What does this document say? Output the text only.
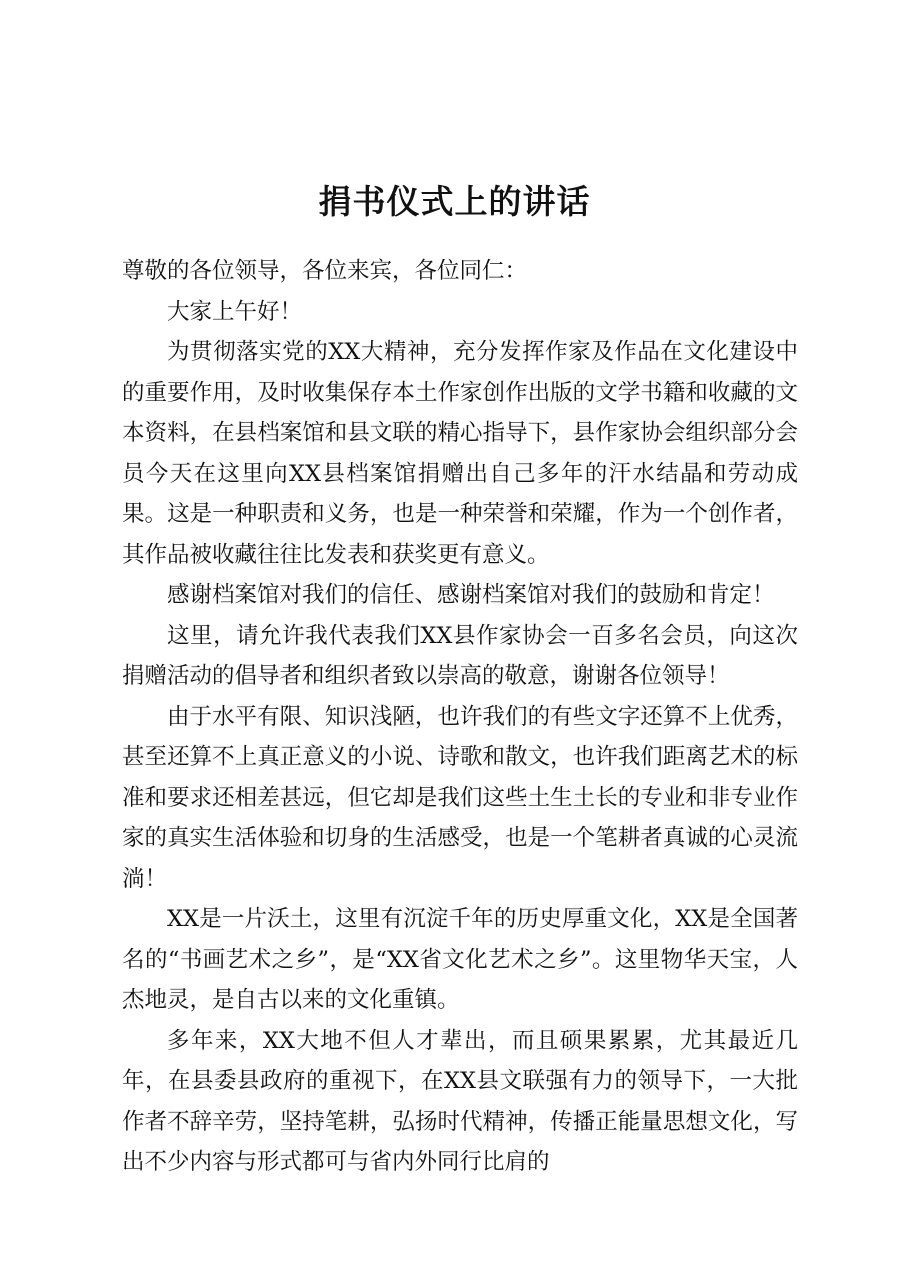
捐书仪式上的讲话

尊敬的各位领导，各位来宾，各位同仁：

大家上午好！

为贯彻落实党的XX大精神，充分发挥作家及作品在文化建设中的重要作用，及时收集保存本土作家创作出版的文学书籍和收藏的文本资料，在县档案馆和县文联的精心指导下，县作家协会组织部分会员今天在这里向XX县档案馆捐赠出自己多年的汗水结晶和劳动成果。这是一种职责和义务，也是一种荣誉和荣耀，作为一个创作者，其作品被收藏往往比发表和获奖更有意义。

感谢档案馆对我们的信任、感谢档案馆对我们的鼓励和肯定！

这里，请允许我代表我们XX县作家协会一百多名会员，向这次捐赠活动的倡导者和组织者致以崇高的敬意，谢谢各位领导！

由于水平有限、知识浅陋，也许我们的有些文字还算不上优秀，甚至还算不上真正意义的小说、诗歌和散文，也许我们距离艺术的标准和要求还相差甚远，但它却是我们这些土生土长的专业和非专业作家的真实生活体验和切身的生活感受，也是一个笔耕者真诚的心灵流淌！

XX是一片沃土，这里有沉淀千年的历史厚重文化，XX是全国著名的“书画艺术之乡”，是“XX省文化艺术之乡”。这里物华天宝，人杰地灵，是自古以来的文化重镇。

多年来，XX大地不但人才辈出，而且硕果累累，尤其最近几年，在县委县政府的重视下，在XX县文联强有力的领导下，一大批作者不辞辛劳，坚持笔耕，弘扬时代精神，传播正能量思想文化，写出不少内容与形式都可与省内外同行比肩的
